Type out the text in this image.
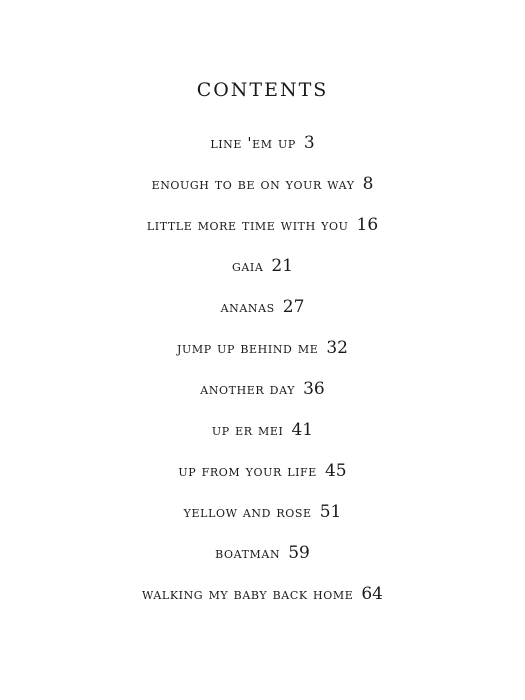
contents
line 'em up 3
enough to be on your way 8
little more time with you 16
gaia 21
ananas 27
jump up behind me 32
another day 36
up er mei 41
up from your life 45
yellow and rose 51
boatman 59
walking my baby back home 64
